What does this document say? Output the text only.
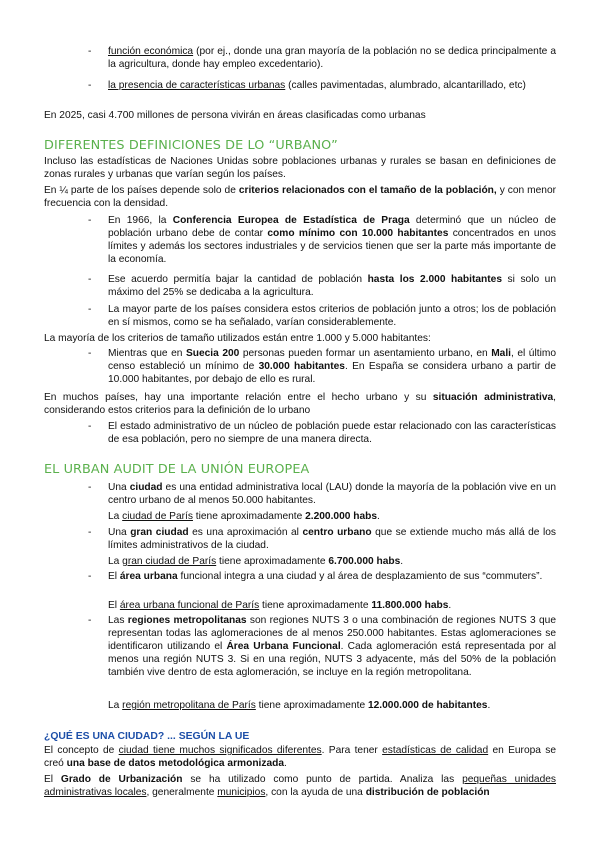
-	función económica (por ej., donde una gran mayoría de la población no se dedica principalmente a la agricultura, donde hay empleo excedentario).

-	la presencia de características urbanas (calles pavimentadas, alumbrado, alcantarillado, etc)

En 2025, casi 4.700 millones de persona vivirán en áreas clasificadas como urbanas

DIFERENTES DEFINICIONES DE LO “URBANO”

Incluso las estadísticas de Naciones Unidas sobre poblaciones urbanas y rurales se basan en definiciones de zonas rurales y urbanas que varían según los países.

En ¼ parte de los países depende solo de criterios relacionados con el tamaño de la población, y con menor frecuencia con la densidad.

-	En 1966, la Conferencia Europea de Estadística de Praga determinó que un núcleo de población urbano debe de contar como mínimo con 10.000 habitantes concentrados en unos límites y además los sectores industriales y de servicios tienen que ser la parte más importante de la economía.

-	Ese acuerdo permitía bajar la cantidad de población hasta los 2.000 habitantes si solo un máximo del 25% se dedicaba a la agricultura.

-	La mayor parte de los países considera estos criterios de población junto a otros; los de población en sí mismos, como se ha señalado, varían considerablemente.

La mayoría de los criterios de tamaño utilizados están entre 1.000 y 5.000 habitantes:

-	Mientras que en Suecia 200 personas pueden formar un asentamiento urbano, en Mali, el último censo estableció un mínimo de 30.000 habitantes. En España se considera urbano a partir de 10.000 habitantes, por debajo de ello es rural.

En muchos países, hay una importante relación entre el hecho urbano y su situación administrativa, considerando estos criterios para la definición de lo urbano

-	El estado administrativo de un núcleo de población puede estar relacionado con las características de esa población, pero no siempre de una manera directa.

EL URBAN AUDIT DE LA UNIÓN EUROPEA
-	Una ciudad es una entidad administrativa local (LAU) donde la mayoría de la población vive en un centro urbano de al menos 50.000 habitantes.

La ciudad de París tiene aproximadamente 2.200.000 habs.

-	Una gran ciudad es una aproximación al centro urbano que se extiende mucho más allá de los límites administrativos de la ciudad.

La gran ciudad de París tiene aproximadamente 6.700.000 habs.

-	El área urbana funcional integra a una ciudad y al área de desplazamiento de sus “commuters”.

El área urbana funcional de París tiene aproximadamente 11.800.000 habs.

-	Las regiones metropolitanas son regiones NUTS 3 o una combinación de regiones NUTS 3 que representan todas las aglomeraciones de al menos 250.000 habitantes. Estas aglomeraciones se identificaron utilizando el Área Urbana Funcional. Cada aglomeración está representada por al menos una región NUTS 3. Si en una región, NUTS 3 adyacente, más del 50% de la población también vive dentro de esta aglomeración, se incluye en la región metropolitana.

La región metropolitana de París tiene aproximadamente 12.000.000 de habitantes.

¿QUÉ ES UNA CIUDAD? ... SEGÚN LA UE

El concepto de ciudad tiene muchos significados diferentes. Para tener estadísticas de calidad en Europa se creó una base de datos metodológica armonizada.

El Grado de Urbanización se ha utilizado como punto de partida. Analiza las pequeñas unidades administrativas locales, generalmente municipios, con la ayuda de una distribución de población
